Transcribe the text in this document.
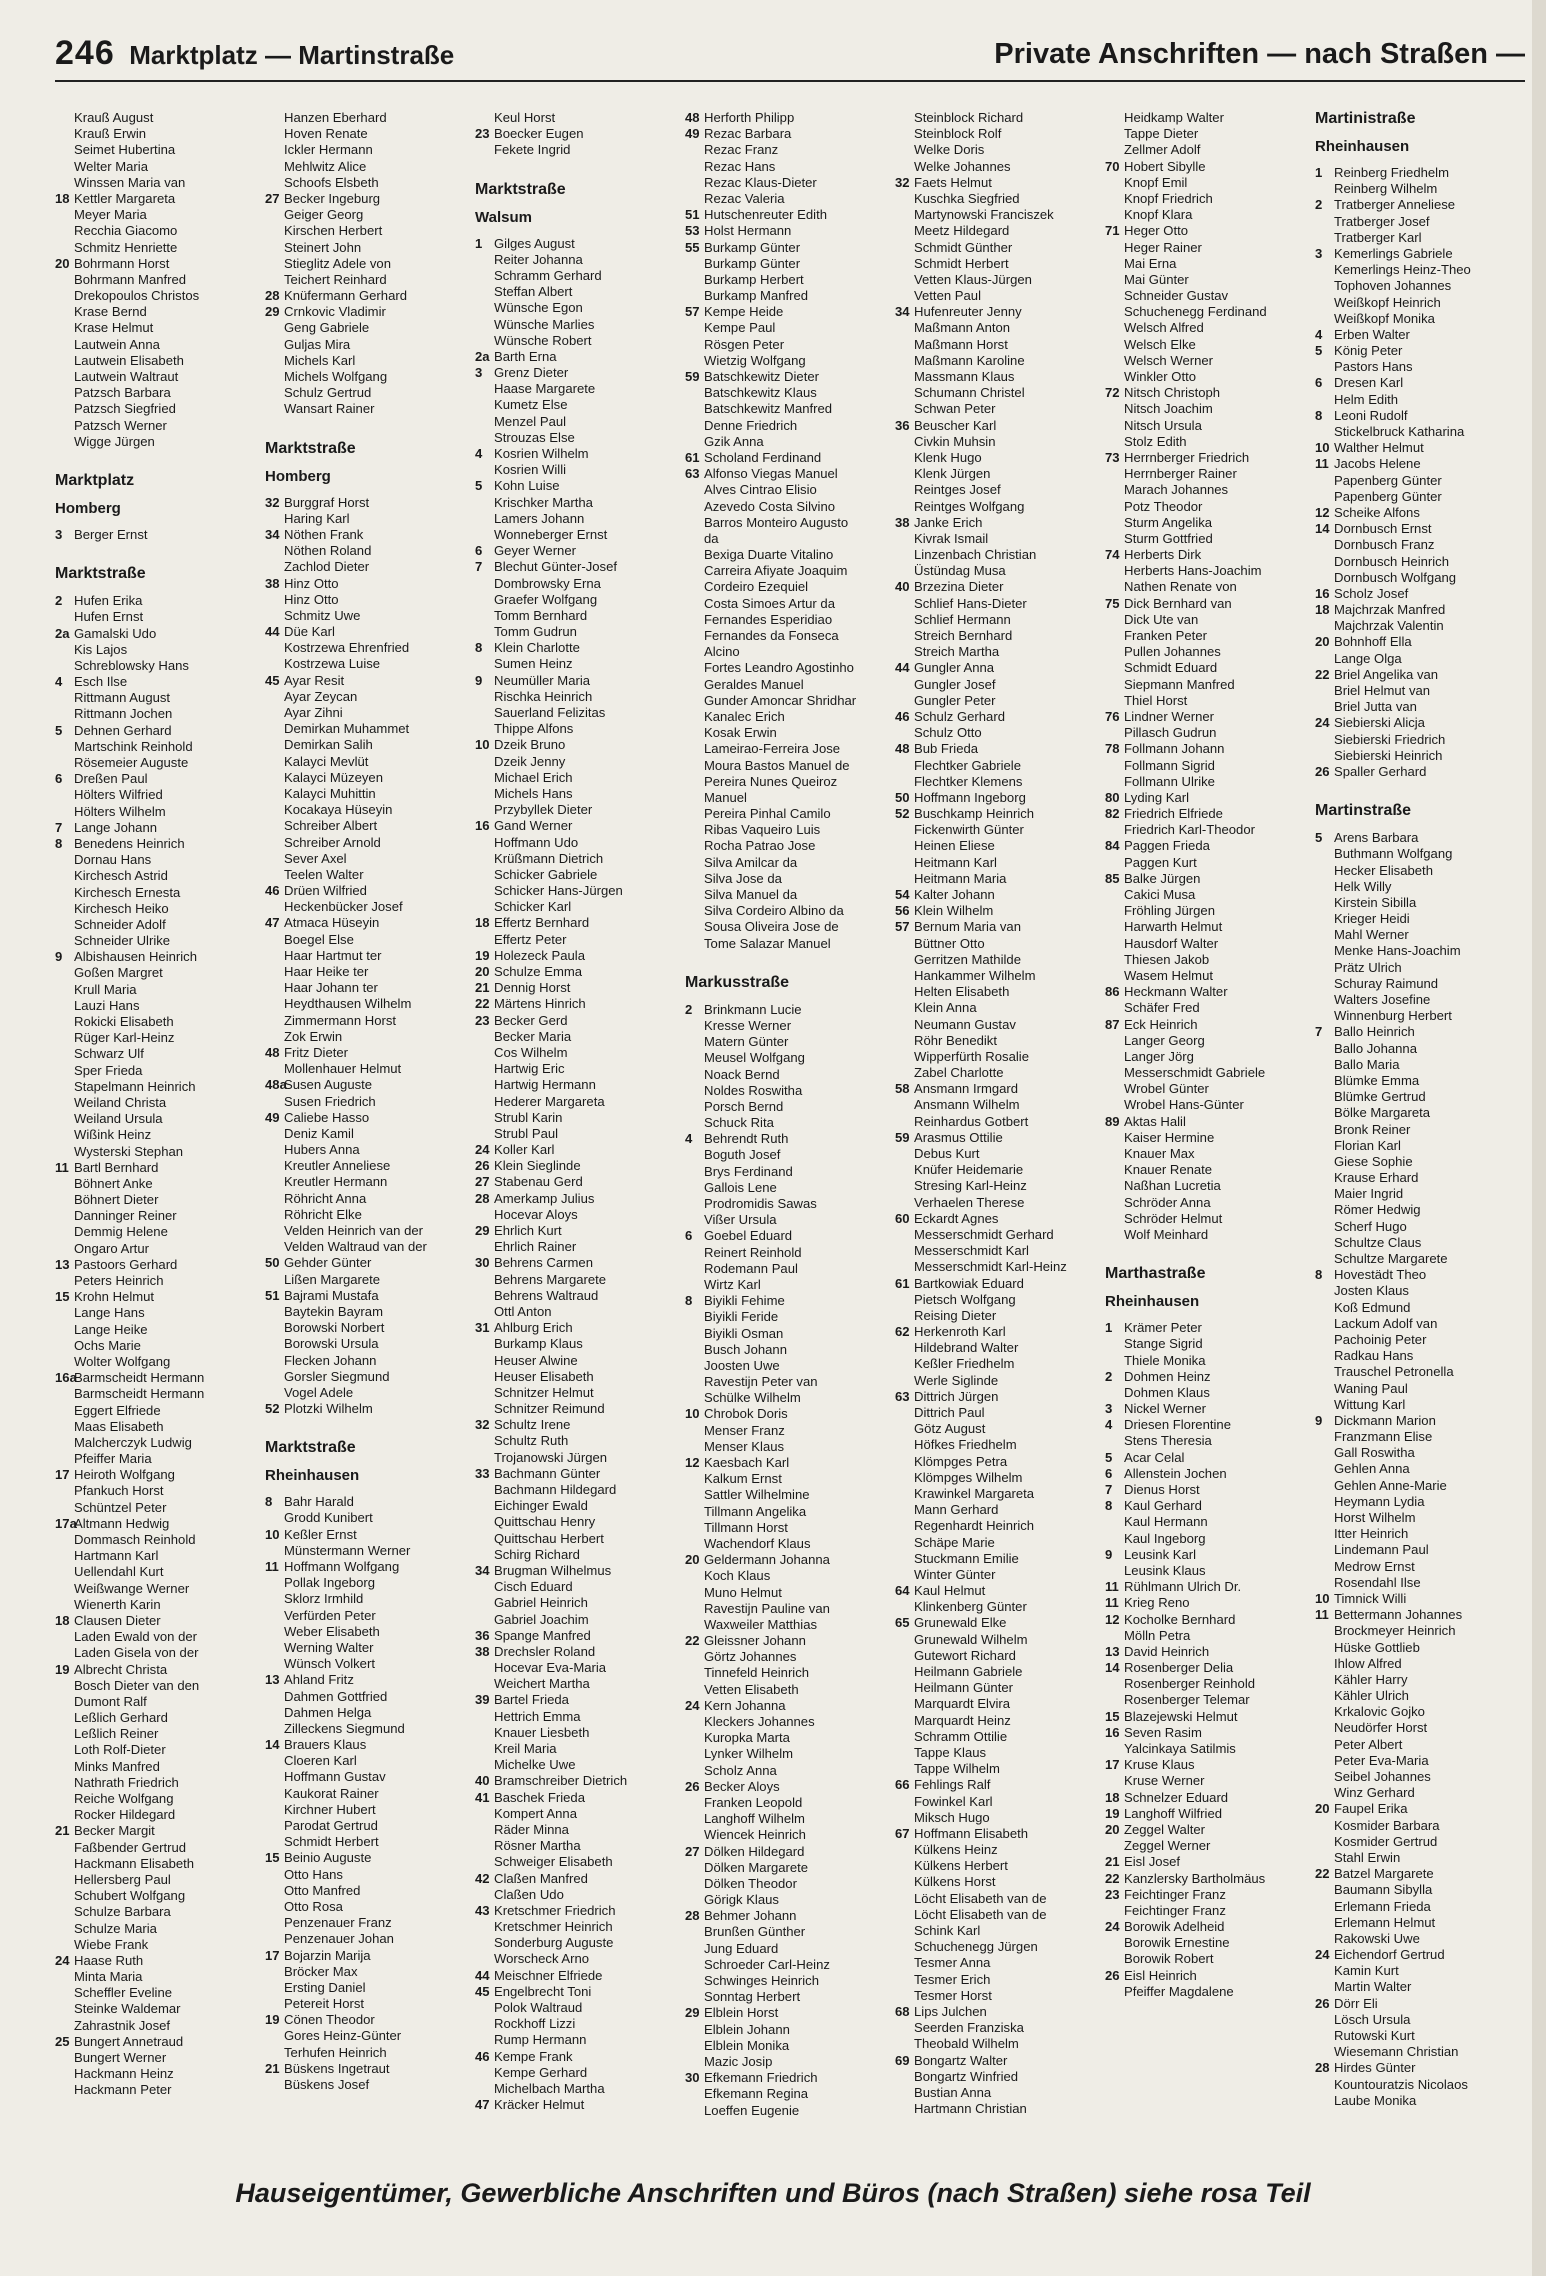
246 Marktplatz — Martinstraße	Private Anschriften — nach Straßen —
Krauß August
Krauß Erwin
Seimet Hubertina
Welter Maria
Winssen Maria van
18 Kettler Margareta
Meyer Maria
Recchia Giacomo
Schmitz Henriette
20 Bohrmann Horst
Bohrmann Manfred
Drekopoulos Christos
Krase Bernd
Krase Helmut
Lautwein Anna
Lautwein Elisabeth
Lautwein Waltraut
Patzsch Barbara
Patzsch Siegfried
Patzsch Werner
Wigge Jürgen
Marktplatz
Homberg
3 Berger Ernst
Marktstraße
2 Hufen Erika
Hufen Ernst
2a Gamalski Udo
Kis Lajos
Schreblowsky Hans
4 Esch Ilse
Rittmann August
Rittmann Jochen
5 Dehnen Gerhard
Martschink Reinhold
Rösemeier Auguste
6 Dreßen Paul
Hölters Wilfried
Hölters Wilhelm
7 Lange Johann
8 Benedens Heinrich
Dornau Hans
Kirchesch Astrid
Kirchesch Ernesta
Kirchesch Heiko
Schneider Adolf
Schneider Ulrike
9 Albishausen Heinrich
Goßen Margret
Krull Maria
Lauzi Hans
Rokicki Elisabeth
Rüger Karl-Heinz
Schwarz Ulf
Sper Frieda
Stapelmann Heinrich
Weiland Christa
Weiland Ursula
Wißink Heinz
Wysterski Stephan
11 Bartl Bernhard
Böhnert Anke
Böhnert Dieter
Danninger Reiner
Demmig Helene
Ongaro Artur
13 Pastoors Gerhard
Peters Heinrich
15 Krohn Helmut
Lange Hans
Lange Heike
Ochs Marie
Wolter Wolfgang
16a
Barmscheidt Hermann
Barmscheidt Hermann
Eggert Elfriede
Maas Elisabeth
Malcherczyk Ludwig
Pfeiffer Maria
17 Heiroth Wolfgang
Pfankuch Horst
Schüntzel Peter
17a
Altmann Hedwig
Dommasch Reinhold
Hartmann Karl
Uellendahl Kurt
Weißwange Werner
Wienerth Karin
18 Clausen Dieter
Laden Ewald von der
Laden Gisela von der
19 Albrecht Christa
Bosch Dieter van den
Dumont Ralf
Leßlich Gerhard
Leßlich Reiner
Loth Rolf-Dieter
Minks Manfred
Nathrath Friedrich
Reiche Wolfgang
Rocker Hildegard
21 Becker Margit
Faßbender Gertrud
Hackmann Elisabeth
Hellersberg Paul
Schubert Wolfgang
Schulze Barbara
Schulze Maria
Wiebe Frank
24 Haase Ruth
Minta Maria
Scheffler Eveline
Steinke Waldemar
Zahrastnik Josef
25 Bungert Annetraud
Bungert Werner
Hackmann Heinz
Hackmann Peter
Hanzen Eberhard
Hoven Renate
Ickler Hermann
Mehlwitz Alice
Schoofs Elsbeth
27 Becker Ingeburg
Geiger Georg
Kirschen Herbert
Steinert John
Stieglitz Adele von
Teichert Reinhard
28 Knüfermann Gerhard
29 Crnkovic Vladimir
Geng Gabriele
Guljas Mira
Michels Karl
Michels Wolfgang
Schulz Gertrud
Wansart Rainer
Marktstraße
Homberg
32 Burggraf Horst
Haring Karl
34 Nöthen Frank
Nöthen Roland
Zachlod Dieter
38 Hinz Otto
Hinz Otto
Schmitz Uwe
44 Düe Karl
Kostrzewa Ehrenfried
Kostrzewa Luise
45 Ayar Resit
Ayar Zeycan
Ayar Zihni
Demirkan Muhammet
Demirkan Salih
Kalayci Mevlüt
Kalayci Müzeyen
Kalayci Muhittin
Kocakaya Hüseyin
Schreiber Albert
Schreiber Arnold
Sever Axel
Teelen Walter
46 Drüen Wilfried
Heckenbücker Josef
47 Atmaca Hüseyin
Boegel Else
Haar Hartmut ter
Haar Heike ter
Haar Johann ter
Heydthausen Wilhelm
Zimmermann Horst
Zok Erwin
48 Fritz Dieter
Mollenhauer Helmut
48a
Susen Auguste
Susen Friedrich
49 Caliebe Hasso
Deniz Kamil
Hubers Anna
Kreutler Anneliese
Kreutler Hermann
Röhricht Anna
Röhricht Elke
Velden Heinrich van der
Velden Waltraud van der
50 Gehder Günter
Lißen Margarete
51 Bajrami Mustafa
Baytekin Bayram
Borowski Norbert
Borowski Ursula
Flecken Johann
Gorsler Siegmund
Vogel Adele
52 Plotzki Wilhelm
Marktstraße
Rheinhausen
8 Bahr Harald
Grodd Kunibert
10 Keßler Ernst
Münstermann Werner
11 Hoffmann Wolfgang
Pollak Ingeborg
Sklorz Irmhild
Verfürden Peter
Weber Elisabeth
Werning Walter
Wünsch Volkert
13 Ahland Fritz
Dahmen Gottfried
Dahmen Helga
Zilleckens Siegmund
14 Brauers Klaus
Cloeren Karl
Hoffmann Gustav
Kaukorat Rainer
Kirchner Hubert
Parodat Gertrud
Schmidt Herbert
15 Beinio Auguste
Otto Hans
Otto Manfred
Otto Rosa
Penzenauer Franz
Penzenauer Johan
17 Bojarzin Marija
Bröcker Max
Ersting Daniel
Petereit Horst
19 Cönen Theodor
Gores Heinz-Günter
Terhufen Heinrich
21 Büskens Ingetraut
Büskens Josef
Keul Horst
23 Boecker Eugen
Fekete Ingrid
Marktstraße
Walsum
1 Gilges August
Reiter Johanna
Schramm Gerhard
Steffan Albert
Wünsche Egon
Wünsche Marlies
Wünsche Robert
2a Barth Erna
3 Grenz Dieter
Haase Margarete
Kumetz Else
Menzel Paul
Strouzas Else
4 Kosrien Wilhelm
Kosrien Willi
5 Kohn Luise
Krischker Martha
Lamers Johann
Wonneberger Ernst
6 Geyer Werner
7 Blechut Günter-Josef
Dombrowsky Erna
Graefer Wolfgang
Tomm Bernhard
Tomm Gudrun
8 Klein Charlotte
Sumen Heinz
9 Neumüller Maria
Rischka Heinrich
Sauerland Felizitas
Thippe Alfons
10 Dzeik Bruno
Dzeik Jenny
Michael Erich
Michels Hans
Przybyllek Dieter
16 Gand Werner
Hoffmann Udo
Krüßmann Dietrich
Schicker Gabriele
Schicker Hans-Jürgen
Schicker Karl
18 Effertz Bernhard
Effertz Peter
19 Holezeck Paula
20 Schulze Emma
21 Dennig Horst
22 Märtens Hinrich
23 Becker Gerd
Becker Maria
Cos Wilhelm
Hartwig Eric
Hartwig Hermann
Hederer Margareta
Strubl Karin
Strubl Paul
24 Koller Karl
26 Klein Sieglinde
27 Stabenau Gerd
28 Amerkamp Julius
Hocevar Aloys
29 Ehrlich Kurt
Ehrlich Rainer
30 Behrens Carmen
Behrens Margarete
Behrens Waltraud
Ottl Anton
31 Ahlburg Erich
Burkamp Klaus
Heuser Alwine
Heuser Elisabeth
Schnitzer Helmut
Schnitzer Reimund
32 Schultz Irene
Schultz Ruth
Trojanowski Jürgen
33 Bachmann Günter
Bachmann Hildegard
Eichinger Ewald
Quittschau Henry
Quittschau Herbert
Schirg Richard
34 Brugman Wilhelmus
Cisch Eduard
Gabriel Heinrich
Gabriel Joachim
36 Spange Manfred
38 Drechsler Roland
Hocevar Eva-Maria
Weichert Martha
39 Bartel Frieda
Hettrich Emma
Knauer Liesbeth
Kreil Maria
Michelke Uwe
40 Bramschreiber Dietrich
41 Baschek Frieda
Kompert Anna
Räder Minna
Rösner Martha
Schweiger Elisabeth
42 Claßen Manfred
Claßen Udo
43 Kretschmer Friedrich
Kretschmer Heinrich
Sonderburg Auguste
Worscheck Arno
44 Meischner Elfriede
45 Engelbrecht Toni
Polok Waltraud
Rockhoff Lizzi
Rump Hermann
46 Kempe Frank
Kempe Gerhard
Michelbach Martha
47 Kräcker Helmut
48 Herforth Philipp
49 Rezac Barbara
Rezac Franz
Rezac Hans
Rezac Klaus-Dieter
Rezac Valeria
51 Hutschenreuter Edith
53 Holst Hermann
55 Burkamp Günter
Burkamp Günter
Burkamp Herbert
Burkamp Manfred
57 Kempe Heide
Kempe Paul
Rösgen Peter
Wietzig Wolfgang
59 Batschkewitz Dieter
Batschkewitz Klaus
Batschkewitz Manfred
Denne Friedrich
Gzik Anna
61 Scholand Ferdinand
63 Alfonso Viegas Manuel
Alves Cintrao Elisio
Azevedo Costa Silvino
Barros Monteiro Augusto
da
Bexiga Duarte Vitalino
Carreira Afiyate Joaquim
Cordeiro Ezequiel
Costa Simoes Artur da
Fernandes Esperidiao
Fernandes da Fonseca
Alcino
Fortes Leandro Agostinho
Geraldes Manuel
Gunder Amoncar Shridhar
Kanalec Erich
Kosak Erwin
Lameirao-Ferreira Jose
Moura Bastos Manuel de
Pereira Nunes Queiroz
Manuel
Pereira Pinhal Camilo
Ribas Vaqueiro Luis
Rocha Patrao Jose
Silva Amilcar da
Silva Jose da
Silva Manuel da
Silva Cordeiro Albino da
Sousa Oliveira Jose de
Tome Salazar Manuel
Markusstraße
2 Brinkmann Lucie
Kresse Werner
Matern Günter
Meusel Wolfgang
Noack Bernd
Noldes Roswitha
Porsch Bernd
Schuck Rita
4 Behrendt Ruth
Boguth Josef
Brys Ferdinand
Gallois Lene
Prodromidis Sawas
Vißer Ursula
6 Goebel Eduard
Reinert Reinhold
Rodemann Paul
Wirtz Karl
8 Biyikli Fehime
Biyikli Feride
Biyikli Osman
Busch Johann
Joosten Uwe
Ravestijn Peter van
Schülke Wilhelm
10 Chrobok Doris
Menser Franz
Menser Klaus
12 Kaesbach Karl
Kalkum Ernst
Sattler Wilhelmine
Tillmann Angelika
Tillmann Horst
Wachendorf Klaus
20 Geldermann Johanna
Koch Klaus
Muno Helmut
Ravestijn Pauline van
Waxweiler Matthias
22 Gleissner Johann
Görtz Johannes
Tinnefeld Heinrich
Vetten Elisabeth
24 Kern Johanna
Kleckers Johannes
Kuropka Marta
Lynker Wilhelm
Scholz Anna
26 Becker Aloys
Franken Leopold
Langhoff Wilhelm
Wiencek Heinrich
27 Dölken Hildegard
Dölken Margarete
Dölken Theodor
Görigk Klaus
28 Behmer Johann
Brunßen Günther
Jung Eduard
Schroeder Carl-Heinz
Schwinges Heinrich
Sonntag Herbert
29 Elblein Horst
Elblein Johann
Elblein Monika
Mazic Josip
30 Efkemann Friedrich
Efkemann Regina
Loeffen Eugenie
Steinblock Richard
Steinblock Rolf
Welke Doris
Welke Johannes
32 Faets Helmut
Kuschka Siegfried
Martynowski Franciszek
Meetz Hildegard
Schmidt Günther
Schmidt Herbert
Vetten Klaus-Jürgen
Vetten Paul
34 Hufenreuter Jenny
Maßmann Anton
Maßmann Horst
Maßmann Karoline
Massmann Klaus
Schumann Christel
Schwan Peter
36 Beuscher Karl
Civkin Muhsin
Klenk Hugo
Klenk Jürgen
Reintges Josef
Reintges Wolfgang
38 Janke Erich
Kivrak Ismail
Linzenbach Christian
Üstündag Musa
40 Brzezina Dieter
Schlief Hans-Dieter
Schlief Hermann
Streich Bernhard
Streich Martha
44 Gungler Anna
Gungler Josef
Gungler Peter
46 Schulz Gerhard
Schulz Otto
48 Bub Frieda
Flechtker Gabriele
Flechtker Klemens
50 Hoffmann Ingeborg
52 Buschkamp Heinrich
Fickenwirth Günter
Heinen Eliese
Heitmann Karl
Heitmann Maria
54 Kalter Johann
56 Klein Wilhelm
57 Bernum Maria van
Büttner Otto
Gerritzen Mathilde
Hankammer Wilhelm
Helten Elisabeth
Klein Anna
Neumann Gustav
Röhr Benedikt
Wipperfürth Rosalie
Zabel Charlotte
58 Ansmann Irmgard
Ansmann Wilhelm
Reinhardus Gotbert
59 Arasmus Ottilie
Debus Kurt
Knüfer Heidemarie
Stresing Karl-Heinz
Verhaelen Therese
60 Eckardt Agnes
Messerschmidt Gerhard
Messerschmidt Karl
Messerschmidt Karl-Heinz
61 Bartkowiak Eduard
Pietsch Wolfgang
Reising Dieter
62 Herkenroth Karl
Hildebrand Walter
Keßler Friedhelm
Werle Siglinde
63 Dittrich Jürgen
Dittrich Paul
Götz August
Höfkes Friedhelm
Klömpges Petra
Klömpges Wilhelm
Krawinkel Margareta
Mann Gerhard
Regenhardt Heinrich
Schäpe Marie
Stuckmann Emilie
Winter Günter
64 Kaul Helmut
Klinkenberg Günter
65 Grunewald Elke
Grunewald Wilhelm
Gutewort Richard
Heilmann Gabriele
Heilmann Günter
Marquardt Elvira
Marquardt Heinz
Schramm Ottilie
Tappe Klaus
Tappe Wilhelm
66 Fehlings Ralf
Fowinkel Karl
Miksch Hugo
67 Hoffmann Elisabeth
Külkens Heinz
Külkens Herbert
Külkens Horst
Löcht Elisabeth van de
Löcht Elisabeth van de
Schink Karl
Schuchenegg Jürgen
Tesmer Anna
Tesmer Erich
Tesmer Horst
68 Lips Julchen
Seerden Franziska
Theobald Wilhelm
69 Bongartz Walter
Bongartz Winfried
Bustian Anna
Hartmann Christian
Heidkamp Walter
Tappe Dieter
Zellmer Adolf
70 Hobert Sibylle
Knopf Emil
Knopf Friedrich
Knopf Klara
71 Heger Otto
Heger Rainer
Mai Erna
Mai Günter
Schneider Gustav
Schuchenegg Ferdinand
Welsch Alfred
Welsch Elke
Welsch Werner
Winkler Otto
72 Nitsch Christoph
Nitsch Joachim
Nitsch Ursula
Stolz Edith
73 Herrnberger Friedrich
Herrnberger Rainer
Marach Johannes
Potz Theodor
Sturm Angelika
Sturm Gottfried
74 Herberts Dirk
Herberts Hans-Joachim
Nathen Renate von
75 Dick Bernhard van
Dick Ute van
Franken Peter
Pullen Johannes
Schmidt Eduard
Siepmann Manfred
Thiel Horst
76 Lindner Werner
Pillasch Gudrun
78 Follmann Johann
Follmann Sigrid
Follmann Ulrike
80 Lyding Karl
82 Friedrich Elfriede
Friedrich Karl-Theodor
84 Paggen Frieda
Paggen Kurt
85 Balke Jürgen
Cakici Musa
Fröhling Jürgen
Harwarth Helmut
Hausdorf Walter
Thiesen Jakob
Wasem Helmut
86 Heckmann Walter
Schäfer Fred
87 Eck Heinrich
Langer Georg
Langer Jörg
Messerschmidt Gabriele
Wrobel Günter
Wrobel Hans-Günter
89 Aktas Halil
Kaiser Hermine
Knauer Max
Knauer Renate
Naßhan Lucretia
Schröder Anna
Schröder Helmut
Wolf Meinhard
Marthastraße
Rheinhausen
1 Krämer Peter
Stange Sigrid
Thiele Monika
2 Dohmen Heinz
Dohmen Klaus
3 Nickel Werner
4 Driesen Florentine
Stens Theresia
5 Acar Celal
6 Allenstein Jochen
7 Dienus Horst
8 Kaul Gerhard
Kaul Hermann
Kaul Ingeborg
9 Leusink Karl
Leusink Klaus
11 Rühlmann Ulrich Dr.
11 Krieg Reno
12 Kocholke Bernhard
Mölln Petra
13 David Heinrich
14 Rosenberger Delia
Rosenberger Reinhold
Rosenberger Telemar
15 Blazejewski Helmut
16 Seven Rasim
Yalcinkaya Satilmis
17 Kruse Klaus
Kruse Werner
18 Schnelzer Eduard
19 Langhoff Wilfried
20 Zeggel Walter
Zeggel Werner
21 Eisl Josef
22 Kanzlersky Bartholmäus
23 Feichtinger Franz
Feichtinger Franz
24 Borowik Adelheid
Borowik Ernestine
Borowik Robert
26 Eisl Heinrich
Pfeiffer Magdalene
Martinistraße
Rheinhausen
1 Reinberg Friedhelm
Reinberg Wilhelm
2 Tratberger Anneliese
Tratberger Josef
Tratberger Karl
3 Kemerlings Gabriele
Kemerlings Heinz-Theo
Tophoven Johannes
Weißkopf Heinrich
Weißkopf Monika
4 Erben Walter
5 König Peter
Pastors Hans
6 Dresen Karl
Helm Edith
8 Leoni Rudolf
Stickelbruck Katharina
10 Walther Helmut
11 Jacobs Helene
Papenberg Günter
Papenberg Günter
12 Scheike Alfons
14 Dornbusch Ernst
Dornbusch Franz
Dornbusch Heinrich
Dornbusch Wolfgang
16 Scholz Josef
18 Majchrzak Manfred
Majchrzak Valentin
20 Bohnhoff Ella
Lange Olga
22 Briel Angelika van
Briel Helmut van
Briel Jutta van
24 Siebierski Alicja
Siebierski Friedrich
Siebierski Heinrich
26 Spaller Gerhard
Martinstraße
5 Arens Barbara
Buthmann Wolfgang
Hecker Elisabeth
Helk Willy
Kirstein Sibilla
Krieger Heidi
Mahl Werner
Menke Hans-Joachim
Prätz Ulrich
Schuray Raimund
Walters Josefine
Winnenburg Herbert
7 Ballo Heinrich
Ballo Johanna
Ballo Maria
Blümke Emma
Blümke Gertrud
Bölke Margareta
Bronk Reiner
Florian Karl
Giese Sophie
Krause Erhard
Maier Ingrid
Römer Hedwig
Scherf Hugo
Schultze Claus
Schultze Margarete
8 Hovestädt Theo
Josten Klaus
Koß Edmund
Lackum Adolf van
Pachoinig Peter
Radkau Hans
Trauschel Petronella
Waning Paul
Wittung Karl
9 Dickmann Marion
Franzmann Elise
Gall Roswitha
Gehlen Anna
Gehlen Anne-Marie
Heymann Lydia
Horst Wilhelm
Itter Heinrich
Lindemann Paul
Medrow Ernst
Rosendahl Ilse
10 Timnick Willi
11 Bettermann Johannes
Brockmeyer Heinrich
Hüske Gottlieb
Ihlow Alfred
Kähler Harry
Kähler Ulrich
Krkalovic Gojko
Neudörfer Horst
Peter Albert
Peter Eva-Maria
Seibel Johannes
Winz Gerhard
20 Faupel Erika
Kosmider Barbara
Kosmider Gertrud
Stahl Erwin
22 Batzel Margarete
Baumann Sibylla
Erlemann Frieda
Erlemann Helmut
Rakowski Uwe
24 Eichendorf Gertrud
Kamin Kurt
Martin Walter
26 Dörr Eli
Lösch Ursula
Rutowski Kurt
Wiesemann Christian
28 Hirdes Günter
Kountouratzis Nicolaos
Laube Monika
Hauseigentümer, Gewerbliche Anschriften und Büros (nach Straßen) siehe rosa Teil
